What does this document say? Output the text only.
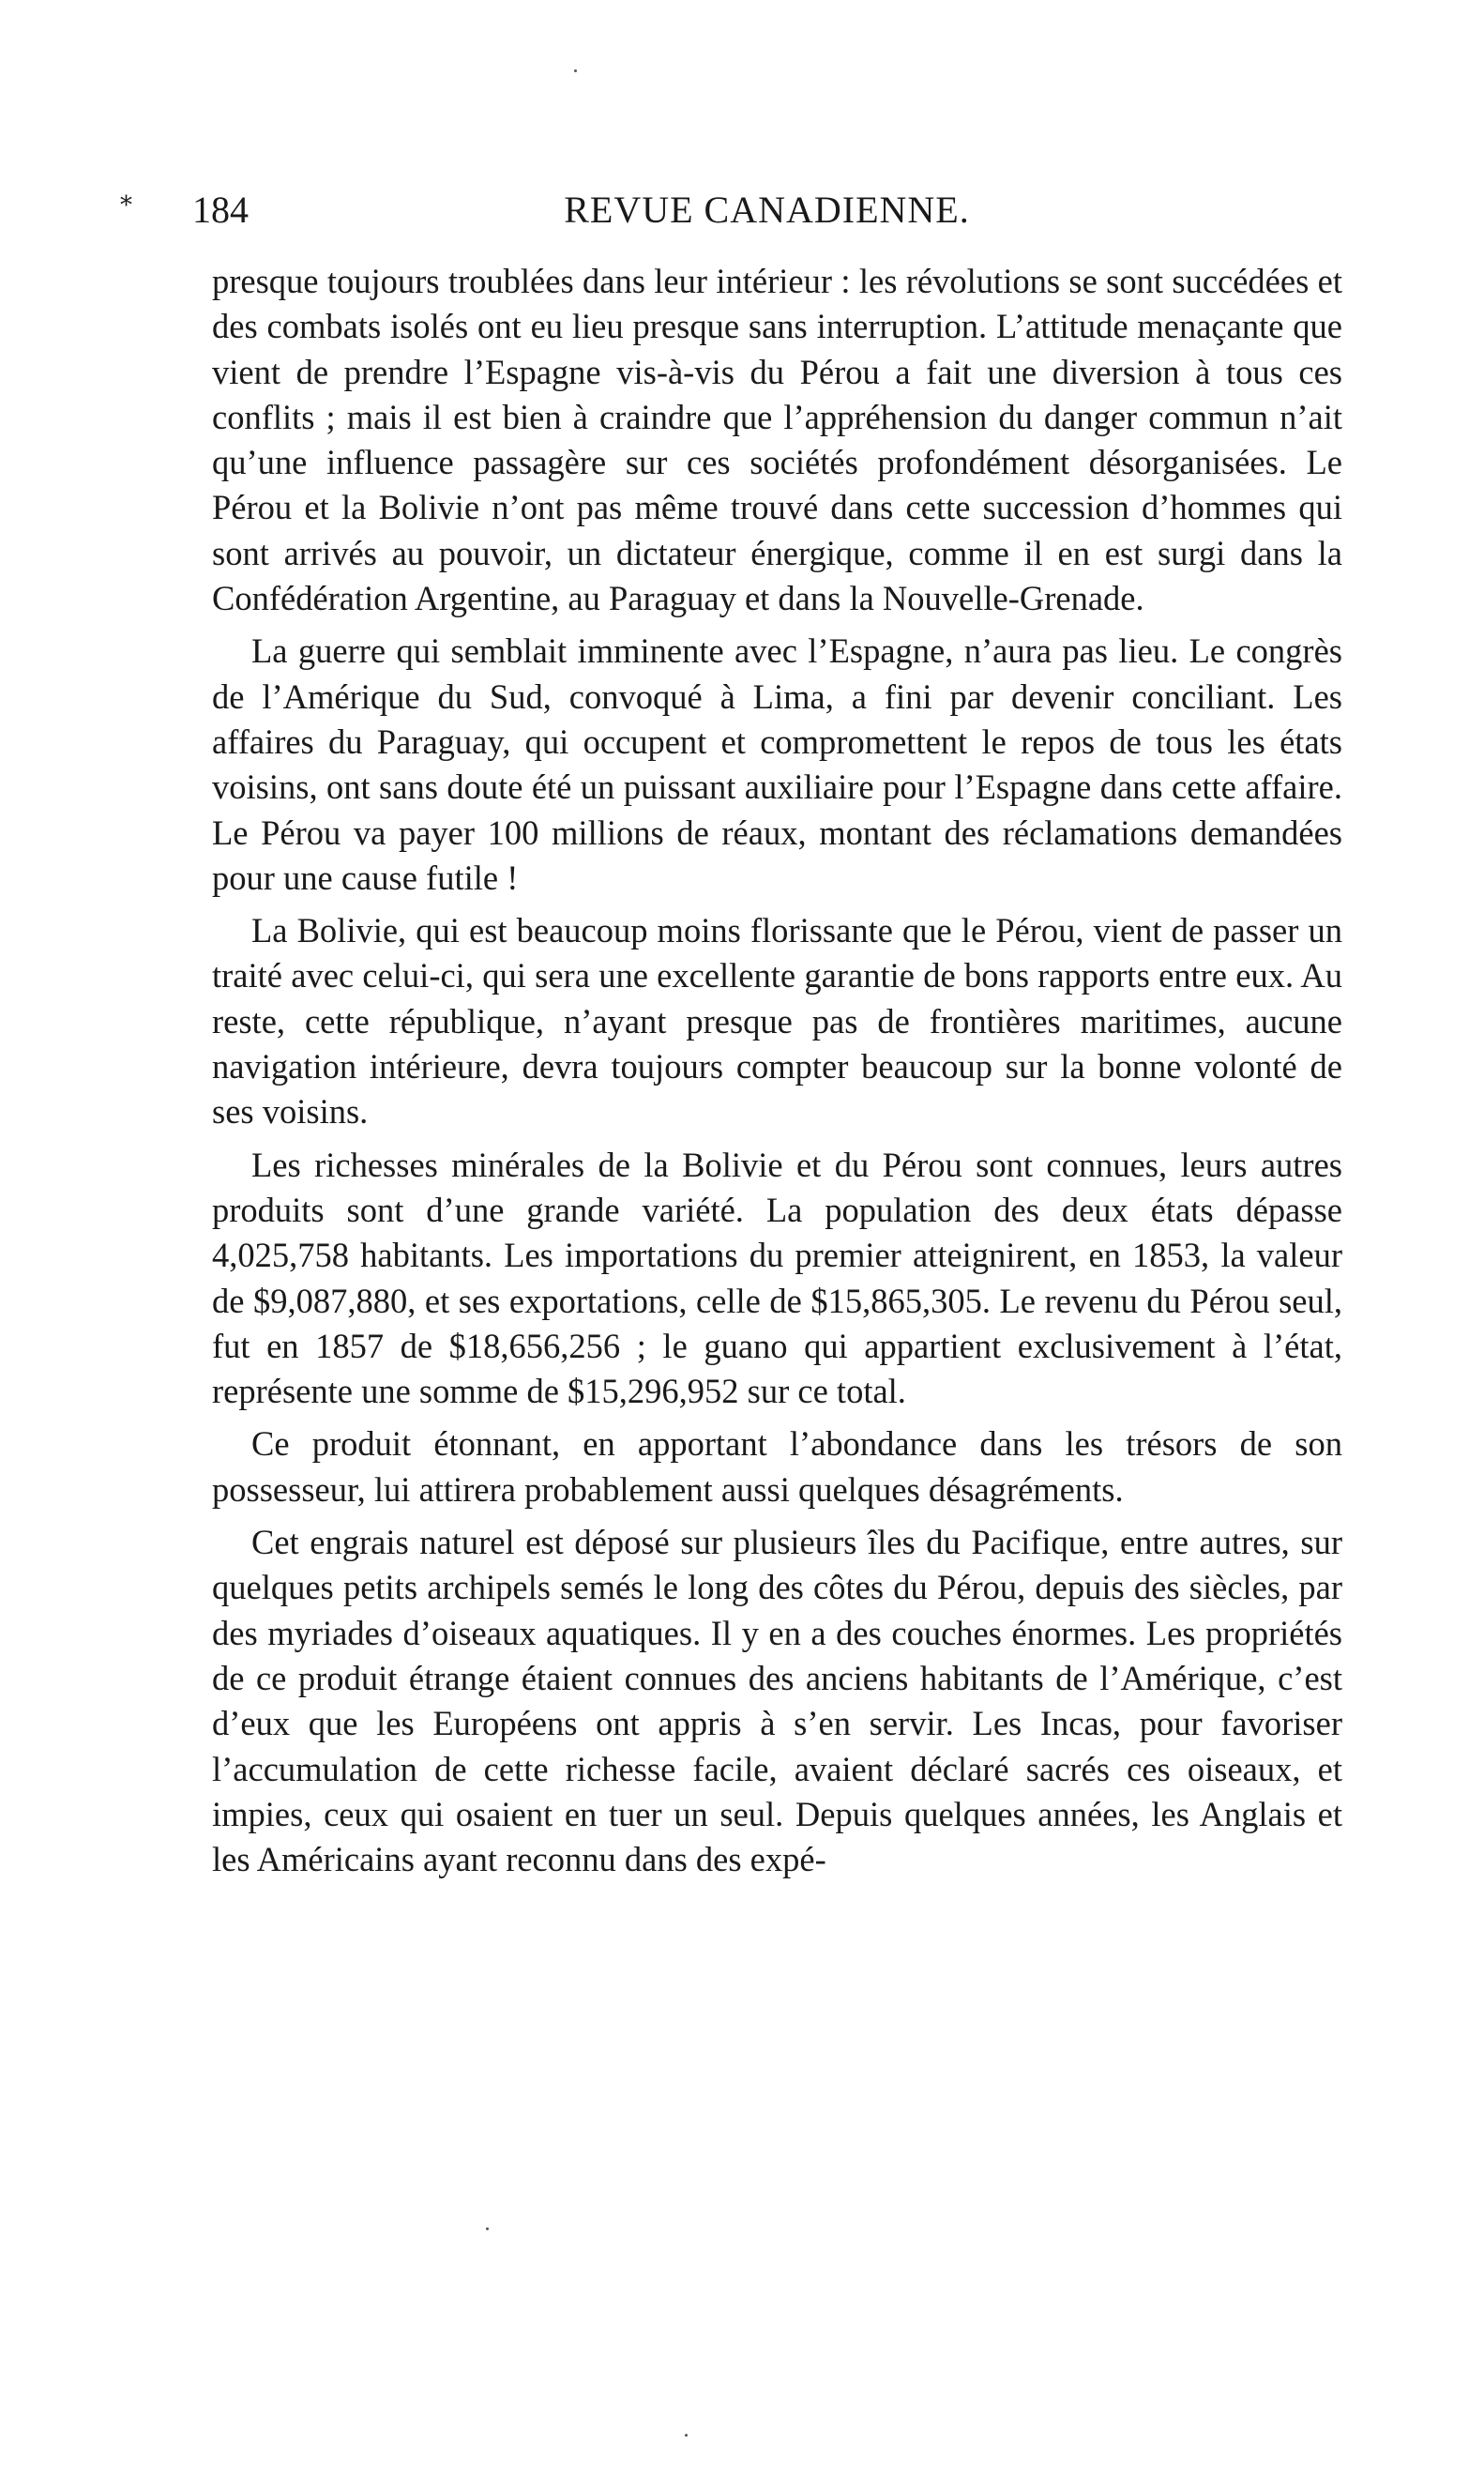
⁎ 184	REVUE CANADIENNE.

presque toujours troublées dans leur intérieur : les révolutions se sont succédées et des combats isolés ont eu lieu presque sans interruption. L’attitude menaçante que vient de prendre l’Espagne vis-à-vis du Pérou a fait une diversion à tous ces conflits ; mais il est bien à craindre que l’appréhension du danger commun n’ait qu’une influence passagère sur ces sociétés profondément désorganisées. Le Pérou et la Bolivie n’ont pas même trouvé dans cette succession d’hommes qui sont arrivés au pouvoir, un dictateur énergique, comme il en est surgi dans la Confédération Argentine, au Paraguay et dans la Nouvelle-Grenade.

La guerre qui semblait imminente avec l’Espagne, n’aura pas lieu. Le congrès de l’Amérique du Sud, convoqué à Lima, a fini par devenir conciliant. Les affaires du Paraguay, qui occupent et compromettent le repos de tous les états voisins, ont sans doute été un puissant auxiliaire pour l’Espagne dans cette affaire. Le Pérou va payer 100 millions de réaux, montant des réclamations demandées pour une cause futile !

La Bolivie, qui est beaucoup moins florissante que le Pérou, vient de passer un traité avec celui-ci, qui sera une excellente garantie de bons rapports entre eux. Au reste, cette république, n’ayant presque pas de frontières maritimes, aucune navigation intérieure, devra toujours compter beaucoup sur la bonne volonté de ses voisins.

Les richesses minérales de la Bolivie et du Pérou sont connues, leurs autres produits sont d’une grande variété. La population des deux états dépasse 4,025,758 habitants. Les importations du premier atteignirent, en 1853, la valeur de $9,087,880, et ses exportations, celle de $15,865,305. Le revenu du Pérou seul, fut en 1857 de $18,656,256 ; le guano qui appartient exclusivement à l’état, représente une somme de $15,296,952 sur ce total.

Ce produit étonnant, en apportant l’abondance dans les trésors de son possesseur, lui attirera probablement aussi quelques désagréments.

Cet engrais naturel est déposé sur plusieurs îles du Pacifique, entre autres, sur quelques petits archipels semés le long des côtes du Pérou, depuis des siècles, par des myriades d’oiseaux aquatiques. Il y en a des couches énormes. Les propriétés de ce produit étrange étaient connues des anciens habitants de l’Amérique, c’est d’eux que les Européens ont appris à s’en servir. Les Incas, pour favoriser l’accumulation de cette richesse facile, avaient déclaré sacrés ces oiseaux, et impies, ceux qui osaient en tuer un seul. Depuis quelques années, les Anglais et les Américains ayant reconnu dans des expé-
